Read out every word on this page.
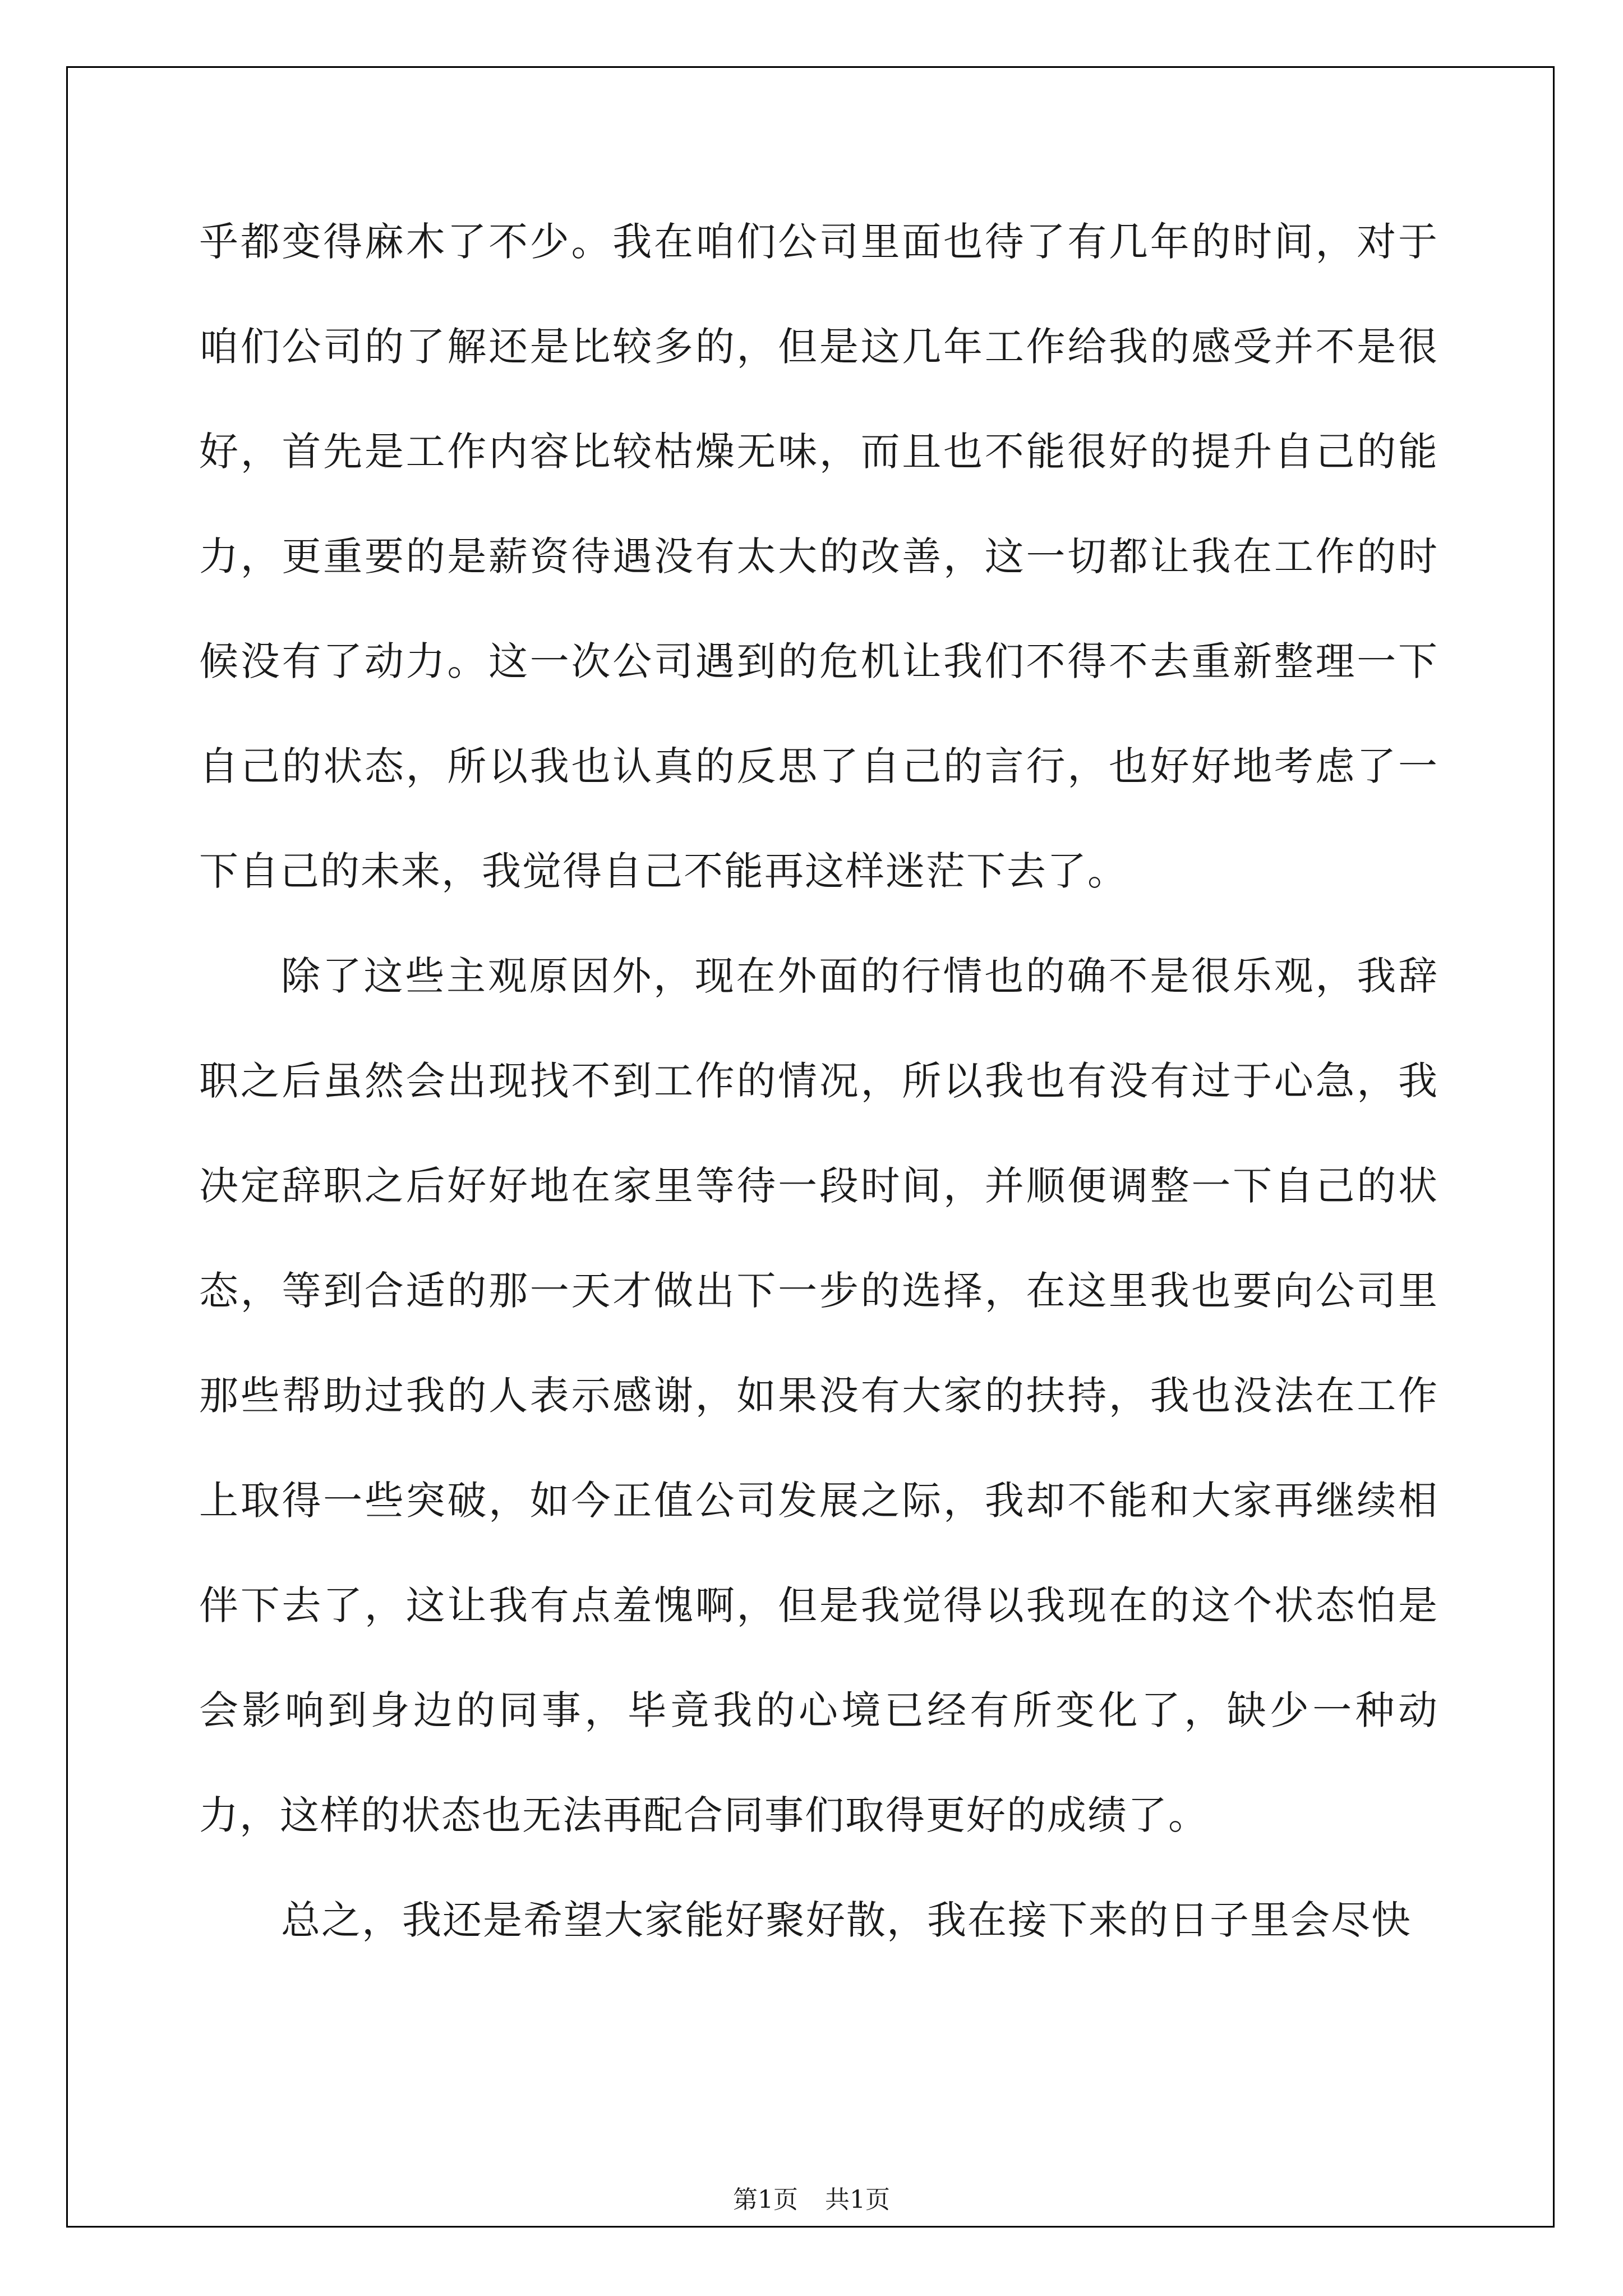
乎都变得麻木了不少。我在咱们公司里面也待了有几年的时间，对于咱们公司的了解还是比较多的，但是这几年工作给我的感受并不是很好，首先是工作内容比较枯燥无味，而且也不能很好的提升自己的能力，更重要的是薪资待遇没有太大的改善，这一切都让我在工作的时候没有了动力。这一次公司遇到的危机让我们不得不去重新整理一下自己的状态，所以我也认真的反思了自己的言行，也好好地考虑了一下自己的未来，我觉得自己不能再这样迷茫下去了。

除了这些主观原因外，现在外面的行情也的确不是很乐观，我辞职之后虽然会出现找不到工作的情况，所以我也有没有过于心急，我决定辞职之后好好地在家里等待一段时间，并顺便调整一下自己的状态，等到合适的那一天才做出下一步的选择，在这里我也要向公司里那些帮助过我的人表示感谢，如果没有大家的扶持，我也没法在工作上取得一些突破，如今正值公司发展之际，我却不能和大家再继续相伴下去了，这让我有点羞愧啊，但是我觉得以我现在的这个状态怕是会影响到身边的同事，毕竟我的心境已经有所变化了，缺少一种动力，这样的状态也无法再配合同事们取得更好的成绩了。

总之，我还是希望大家能好聚好散，我在接下来的日子里会尽快

第1页 共1页
